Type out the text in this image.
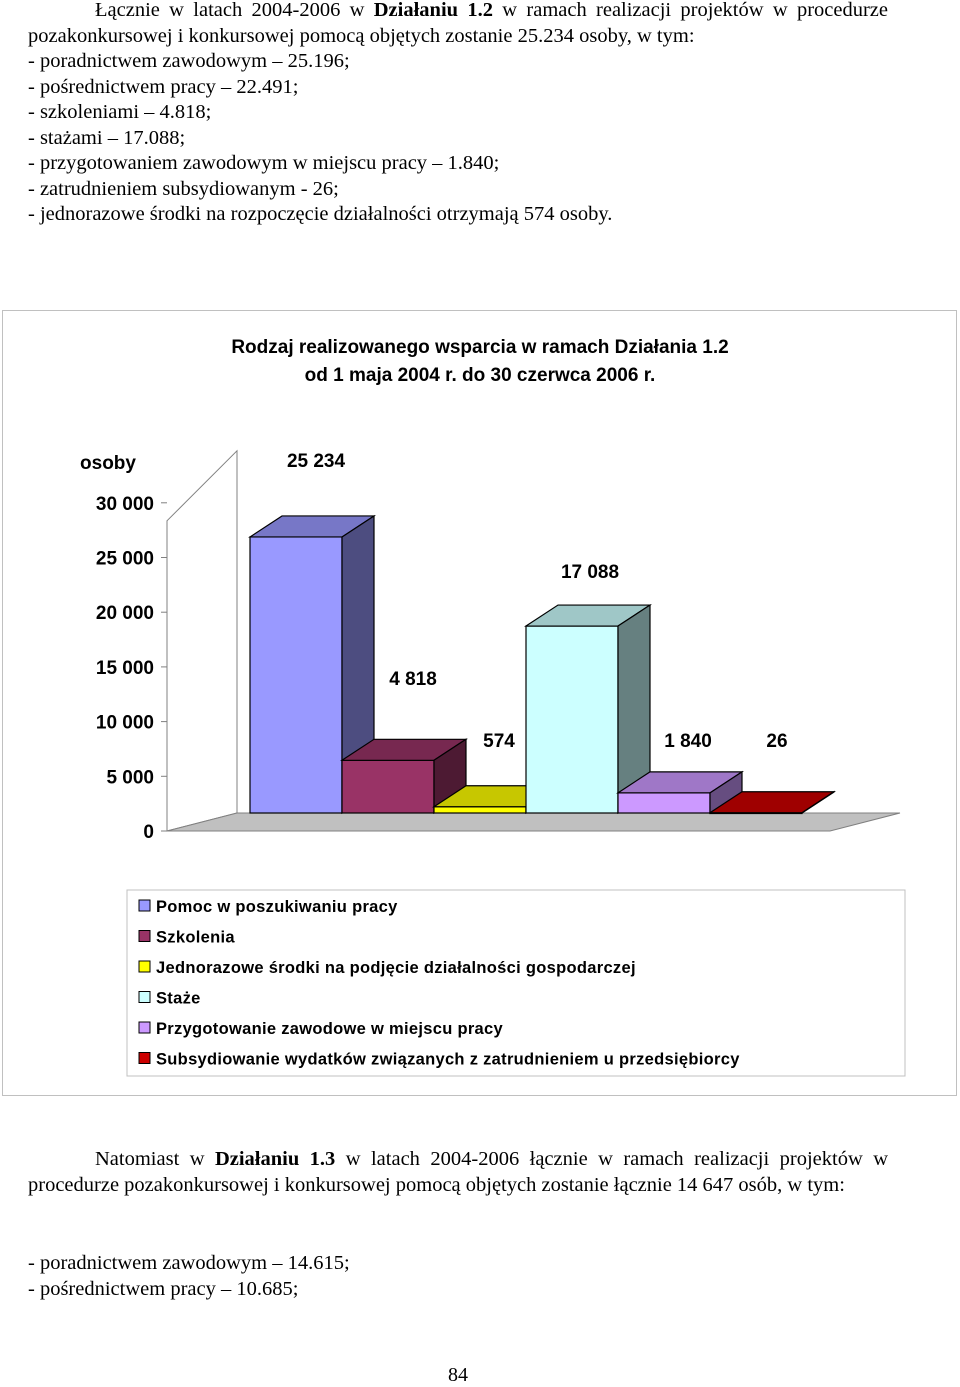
Łącznie w latach 2004-2006 w Działaniu 1.2 w ramach realizacji projektów w procedurze pozakonkursowej i konkursowej pomocą objętych zostanie 25.234 osoby, w tym:
- poradnictwem zawodowym – 25.196;
- pośrednictwem pracy – 22.491;
- szkoleniami – 4.818;
- stażami – 17.088;
- przygotowaniem zawodowym w miejscu pracy – 1.840;
- zatrudnieniem subsydiowanym - 26;
- jednorazowe środki na rozpoczęcie działalności otrzymają 574 osoby.
Rodzaj realizowanego wsparcia w ramach Działania 1.2
od 1 maja 2004 r. do 30 czerwca 2006 r.
osoby
0
5 000
10 000
15 000
20 000
25 000
30 000
25 234
4 818
574
17 088
1 840	26
Pomoc w poszukiwaniu pracy
Szkolenia
Jednorazowe środki na podjęcie działalności gospodarczej
Staże
Przygotowanie zawodowe w miejscu pracy
Subsydiowanie wydatków związanych z zatrudnieniem u przedsiębiorcy
Natomiast w Działaniu 1.3 w latach 2004-2006 łącznie w ramach realizacji projektów w procedurze pozakonkursowej i konkursowej pomocą objętych zostanie łącznie 14 647 osób, w tym:
- poradnictwem zawodowym – 14.615;
- pośrednictwem pracy – 10.685;
84
